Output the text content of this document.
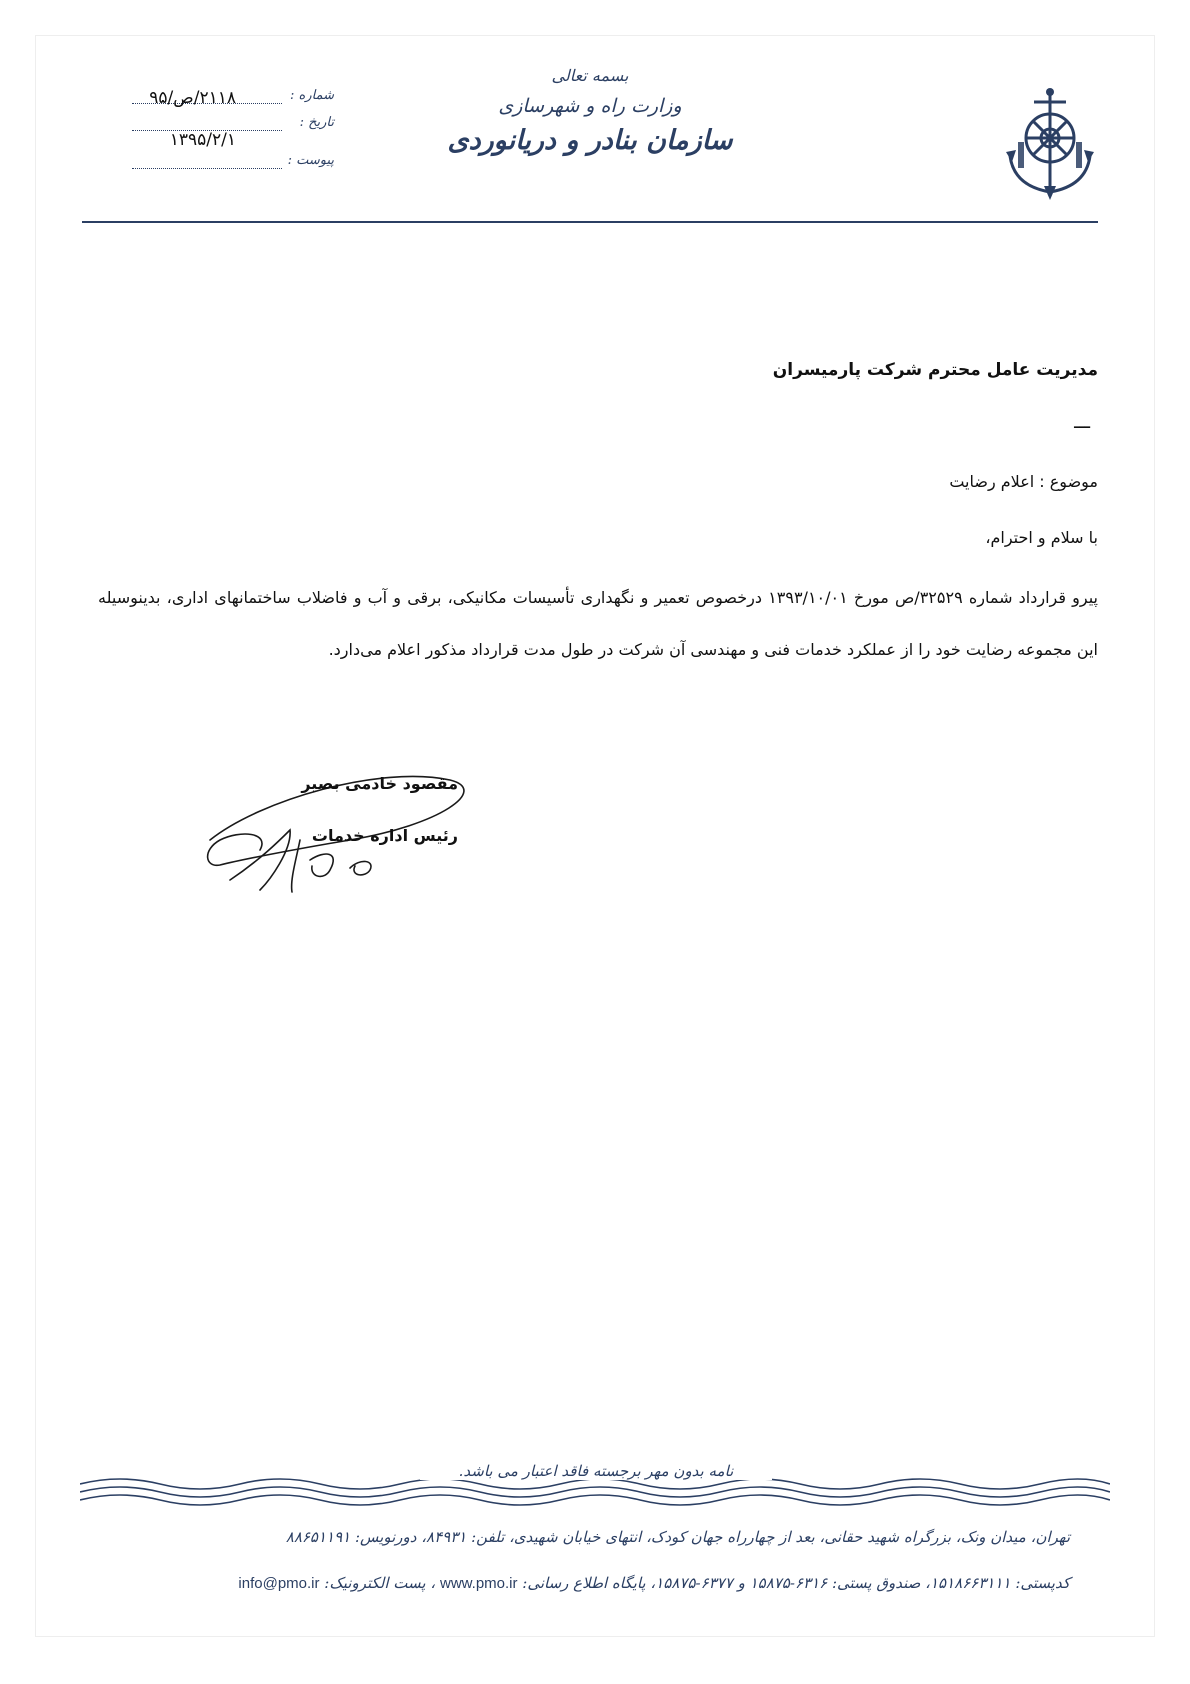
بسمه تعالی
وزارت راه و شهرسازی
سازمان بنادر و دریانوردی
شماره :
۲۱۱۸/ص/۹۵
تاریخ :
۱۳۹۵/۲/۱
پیوست :
مدیریت عامل محترم شرکت پارمیسران
ـــ
موضوع : اعلام رضایت
با سلام و احترام،
پیرو قرارداد شماره ۳۲۵۲۹/ص مورخ ۱۳۹۳/۱۰/۰۱ درخصوص تعمیر و نگهداری تأسیسات مکانیکی، برقی و آب و فاضلاب ساختمانهای اداری، بدینوسیله این مجموعه رضایت خود را از عملکرد خدمات فنی و مهندسی آن شرکت در طول مدت قرارداد مذکور اعلام می‌دارد.
مقصود خادمی بصیر
رئیس اداره خدمات
نامه بدون مهر برجسته فاقد اعتبار می باشد.
تهران، میدان ونک، بزرگراه شهید حقانی، بعد از چهارراه جهان کودک، انتهای خیابان شهیدی، تلفن: ۸۴۹۳۱، دورنویس: ۸۸۶۵۱۱۹۱
کدپستی: ۱۵۱۸۶۶۳۱۱۱، صندوق پستی: ۶۳۱۶-۱۵۸۷۵ و ۶۳۷۷-۱۵۸۷۵، پایگاه اطلاع رسانی: www.pmo.ir ، پست الکترونیک: info@pmo.ir
